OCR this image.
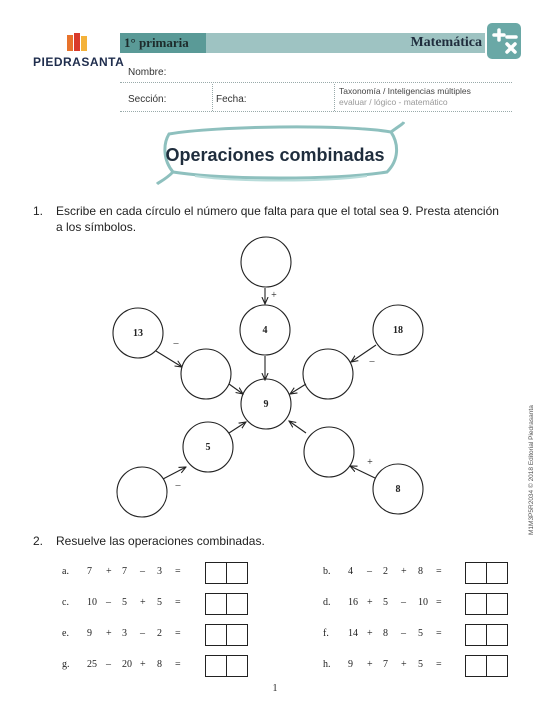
PIEDRASANTA
1° primaria	Matemática
Nombre:
Sección:	Fecha:
Taxonomía / Inteligencias múltiples
evaluar / lógico - matemático
Operaciones combinadas
1. Escribe en cada círculo el número que falta para que el total sea 9. Presta atención
a los símbolos.
4
9
13	18
5
8
+
–
–
–
+
2. Resuelve las operaciones combinadas.
a. 7 + 7 – 3 =	b. 4 – 2 + 8 =
c. 10 – 5 + 5 =	d. 16 + 5 – 10 =
e. 9 + 3 – 2 =	f. 14 + 8 – 5 =
g. 25 – 20 + 8 =	h. 9 + 7 + 5 =
M1M3P5R2034 © 2018 Editorial Piedrasanta
1
